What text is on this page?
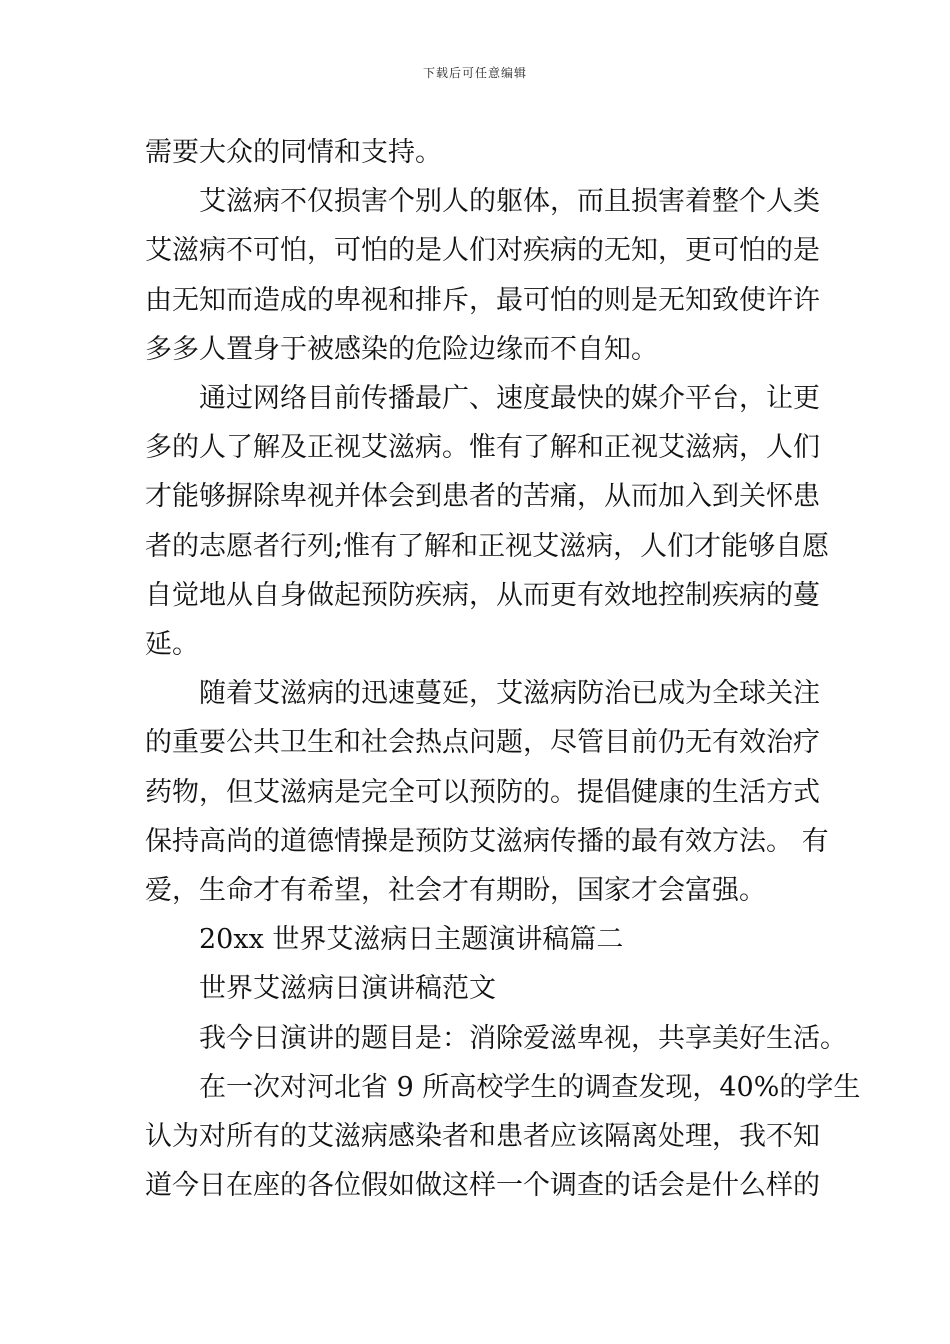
下载后可任意编辑

需要大众的同情和支持。

艾滋病不仅损害个别人的躯体，而且损害着整个人类

艾滋病不可怕，可怕的是人们对疾病的无知，更可怕的是

由无知而造成的卑视和排斥，最可怕的则是无知致使许许

多多人置身于被感染的危险边缘而不自知。

通过网络目前传播最广、速度最快的媒介平台，让更

多的人了解及正视艾滋病。惟有了解和正视艾滋病，人们

才能够摒除卑视并体会到患者的苦痛，从而加入到关怀患

者的志愿者行列;惟有了解和正视艾滋病，人们才能够自愿

自觉地从自身做起预防疾病，从而更有效地控制疾病的蔓

延。

随着艾滋病的迅速蔓延，艾滋病防治已成为全球关注

的重要公共卫生和社会热点问题，尽管目前仍无有效治疗

药物，但艾滋病是完全可以预防的。提倡健康的生活方式

保持高尚的道德情操是预防艾滋病传播的最有效方法。 有

爱，生命才有希望，社会才有期盼，国家才会富强。

20xx 世界艾滋病日主题演讲稿篇二

世界艾滋病日演讲稿范文

我今日演讲的题目是：消除爱滋卑视，共享美好生活。

在一次对河北省 9 所高校学生的调查发现，40%的学生

认为对所有的艾滋病感染者和患者应该隔离处理，我不知

道今日在座的各位假如做这样一个调查的话会是什么样的
